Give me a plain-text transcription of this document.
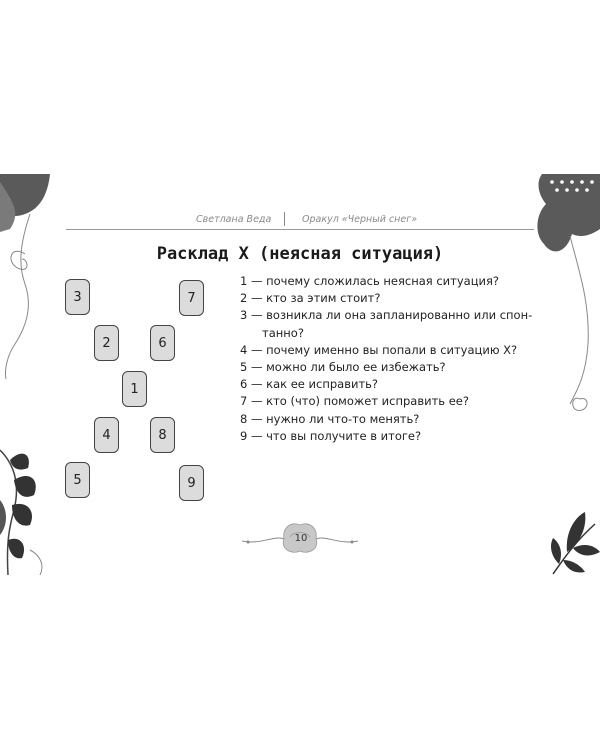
Светлана Веда	Оракул «Черный снег»
Расклад Х (неясная ситуация)
3	7
2	6
1
4	8
5	9
1 — почему сложилась неясная ситуация?
2 — кто за этим стоит?
3 — возникла ли она запланированно или спон-
танно?
4 — почему именно вы попали в ситуацию Х?
5 — можно ли было ее избежать?
6 — как ее исправить?
7 — кто (что) поможет исправить ее?
8 — нужно ли что-то менять?
9 — что вы получите в итоге?
10
